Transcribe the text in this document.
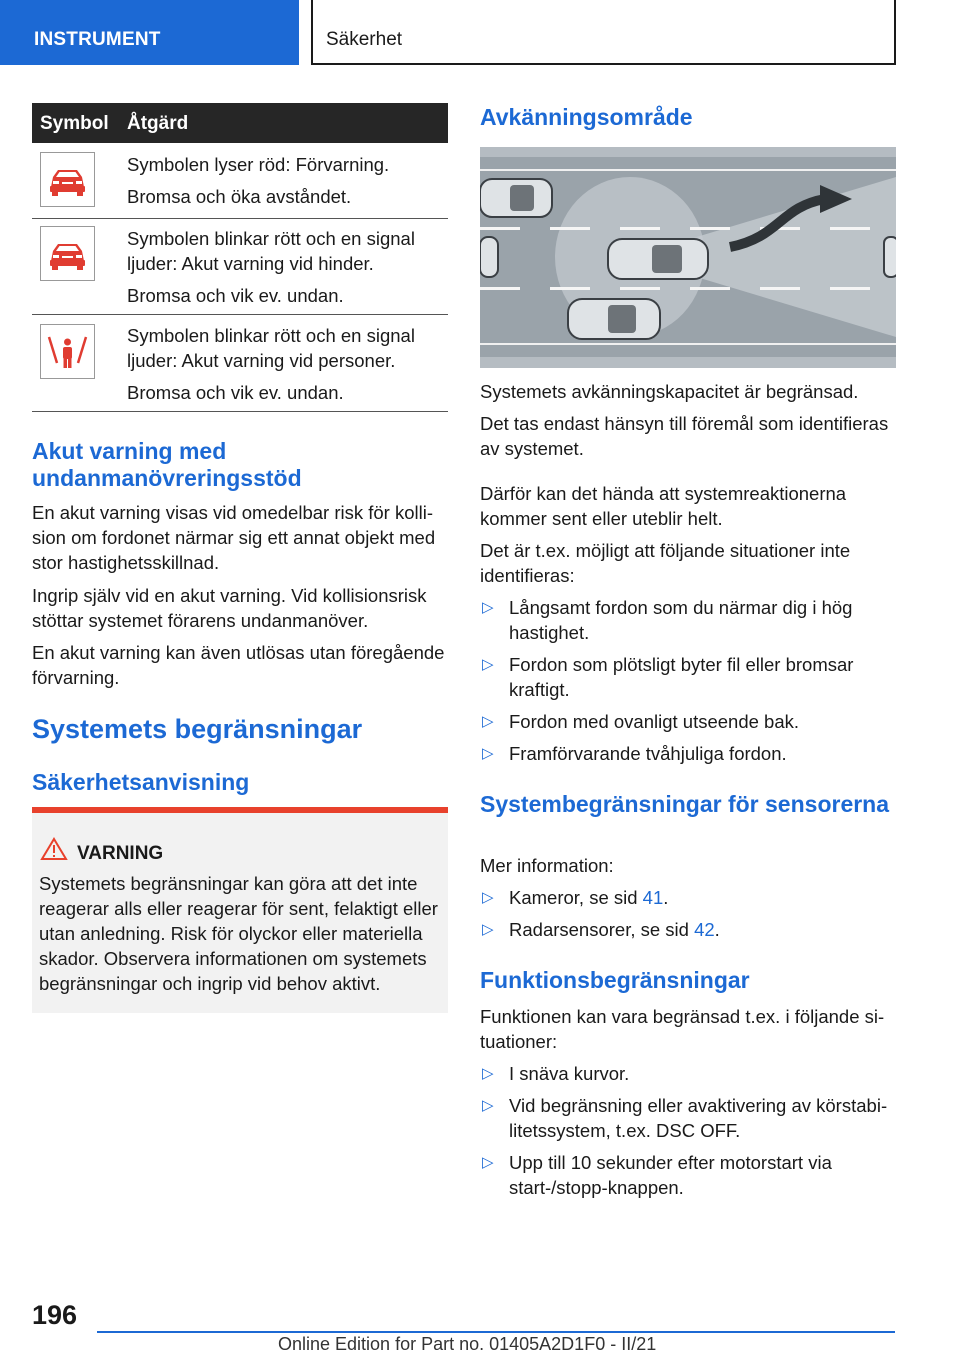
INSTRUMENT	Säkerhet
Symbol Åtgärd

Symbolen lyser röd: Förvarning.

Bromsa och öka avståndet.

Symbolen blinkar rött och en signal ljuder: Akut varning vid hinder.

Bromsa och vik ev. undan.

Symbolen blinkar rött och en signal ljuder: Akut varning vid personer.

Bromsa och vik ev. undan.

Akut varning med undanmanövreringsstöd
En akut varning visas vid omedelbar risk för kollision om fordonet närmar sig ett annat objekt med stor hastighetsskillnad.
Ingrip själv vid en akut varning. Vid kollisionsrisk stöttar systemet förarens undanmanöver.
En akut varning kan även utlösas utan föregående förvarning.
Systemets begränsningar
Säkerhetsanvisning
VARNING

Systemets begränsningar kan göra att det inte reagerar alls eller reagerar för sent, felaktigt eller utan anledning. Risk för olyckor eller materiella skador. Observera informationen om systemets begränsningar och ingrip vid behov aktivt.

Avkänningsområde
Systemets avkänningskapacitet är begränsad.
Det tas endast hänsyn till föremål som identifieras av systemet.
Därför kan det hända att systemreaktionerna kommer sent eller uteblir helt.
Det är t.ex. möjligt att följande situationer inte identifieras:
▷ Långsamt fordon som du närmar dig i hög hastighet.
▷ Fordon som plötsligt byter fil eller bromsar kraftigt.
▷ Fordon med ovanligt utseende bak.
▷ Framförvarande tvåhjuliga fordon.
Systembegränsningar för sensorerna
Mer information:
▷ Kameror, se sid 41.
▷ Radarsensorer, se sid 42.
Funktionsbegränsningar
Funktionen kan vara begränsad t.ex. i följande situationer:
▷ I snäva kurvor.
▷ Vid begränsning eller avaktivering av körstabilitetssystem, t.ex. DSC OFF.
▷ Upp till 10 sekunder efter motorstart via start-/stopp-knappen.
196
Online Edition for Part no. 01405A2D1F0 - II/21
